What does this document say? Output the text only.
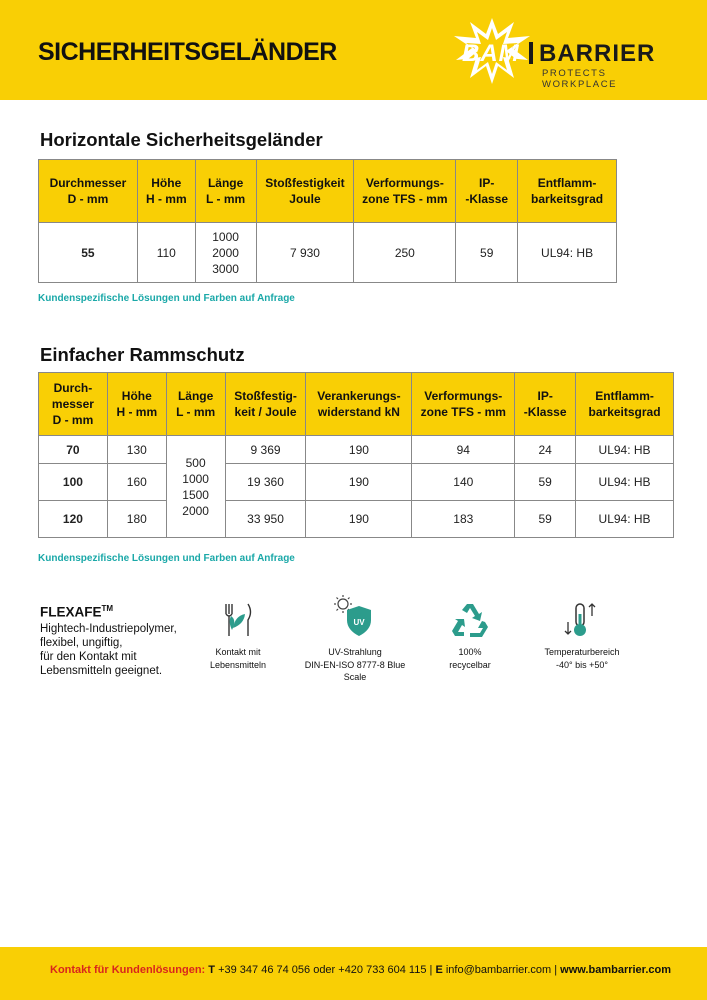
SICHERHEITSGELÄNDER	BAM BARRIER
PROTECTS WORKPLACE
Horizontale Sicherheitsgeländer
Durchmesser
D - mm	Höhe
H - mm	Länge
L - mm	Stoßfestigkeit
Joule	Verformungs-
zone TFS - mm	IP-
-Klasse	Entflamm-
barkeitsgrad
55	110	1000
2000
3000	7 930	250	59	UL94: HB
Kundenspezifische Lösungen und Farben auf Anfrage
Einfacher Rammschutz
Durch-
messer
D - mm	Höhe
H - mm	Länge
L - mm	Stoßfestig-
keit / Joule	Verankerungs-
widerstand kN	Verformungs-
zone TFS - mm	IP-
-Klasse	Entflamm-
barkeitsgrad
70	130	500
1000
1500
2000	9 369	190	94	24	UL94: HB
100	160		19 360	190	140	59	UL94: HB
120	180		33 950	190	183	59	UL94: HB
Kundenspezifische Lösungen und Farben auf Anfrage
FLEXAFE™
Hightech-Industriepolymer,
flexibel, ungiftig,
für den Kontakt mit
Lebensmitteln geeignet.
Kontakt mit
Lebensmitteln
UV
UV-Strahlung
DIN-EN-ISO 8777-8 Blue
Scale
100%
recycelbar
Temperaturbereich
-40° bis +50°
Kontakt für Kundenlösungen: T +39 347 46 74 056 oder +420 733 604 115 | E info@bambarrier.com | www.bambarrier.com
